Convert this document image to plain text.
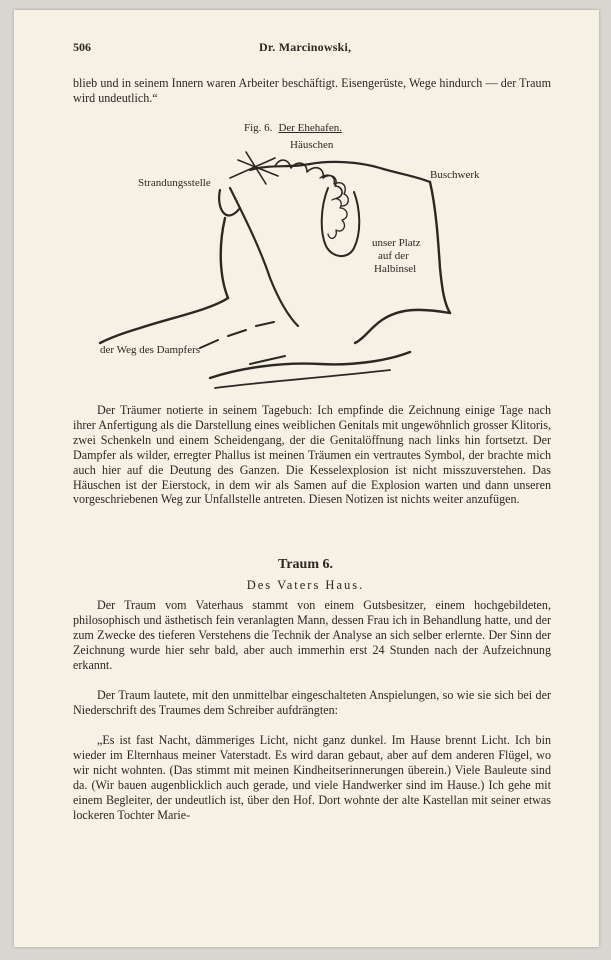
506	Dr. Marcinowski,

blieb und in seinem Innern waren Arbeiter beschäftigt. Eisengerüste, Wege hindurch — der Traum wird undeutlich.“

Fig. 6. Der Ehehafen.
Häuschen
Strandungsstelle
Buschwerk
unser Platz
auf der
Halbinsel
der Weg des Dampfers

Der Träumer notierte in seinem Tagebuch: Ich empfinde die Zeichnung einige Tage nach ihrer Anfertigung als die Darstellung eines weiblichen Genitals mit ungewöhnlich grosser Klitoris, zwei Schenkeln und einem Scheidengang, der die Genitalöffnung nach links hin fortsetzt. Der Dampfer als wilder, erregter Phallus ist meinen Träumen ein vertrautes Symbol, der brachte mich auch hier auf die Deutung des Ganzen. Die Kesselexplosion ist nicht misszuverstehen. Das Häuschen ist der Eierstock, in dem wir als Samen auf die Explosion warten und dann unseren vorgeschriebenen Weg zur Unfallstelle antreten. Diesen Notizen ist nichts weiter anzufügen.

Traum 6.
Des Vaters Haus.

Der Traum vom Vaterhaus stammt von einem Gutsbesitzer, einem hochgebildeten, philosophisch und ästhetisch fein veranlagten Mann, dessen Frau ich in Behandlung hatte, und der zum Zwecke des tieferen Verstehens die Technik der Analyse an sich selber erlernte. Der Sinn der Zeichnung wurde hier sehr bald, aber auch immerhin erst 24 Stunden nach der Aufzeichnung erkannt.

Der Traum lautete, mit den unmittelbar eingeschalteten Anspielungen, so wie sie sich bei der Niederschrift des Traumes dem Schreiber aufdrängten:

„Es ist fast Nacht, dämmeriges Licht, nicht ganz dunkel. Im Hause brennt Licht. Ich bin wieder im Elternhaus meiner Vaterstadt. Es wird daran gebaut, aber auf dem anderen Flügel, wo wir nicht wohnten. (Das stimmt mit meinen Kindheitserinnerungen überein.) Viele Bauleute sind da. (Wir bauen augenblicklich auch gerade, und viele Handwerker sind im Hause.) Ich gehe mit einem Begleiter, der undeutlich ist, über den Hof. Dort wohnte der alte Kastellan mit seiner etwas lockeren Tochter Marie-
